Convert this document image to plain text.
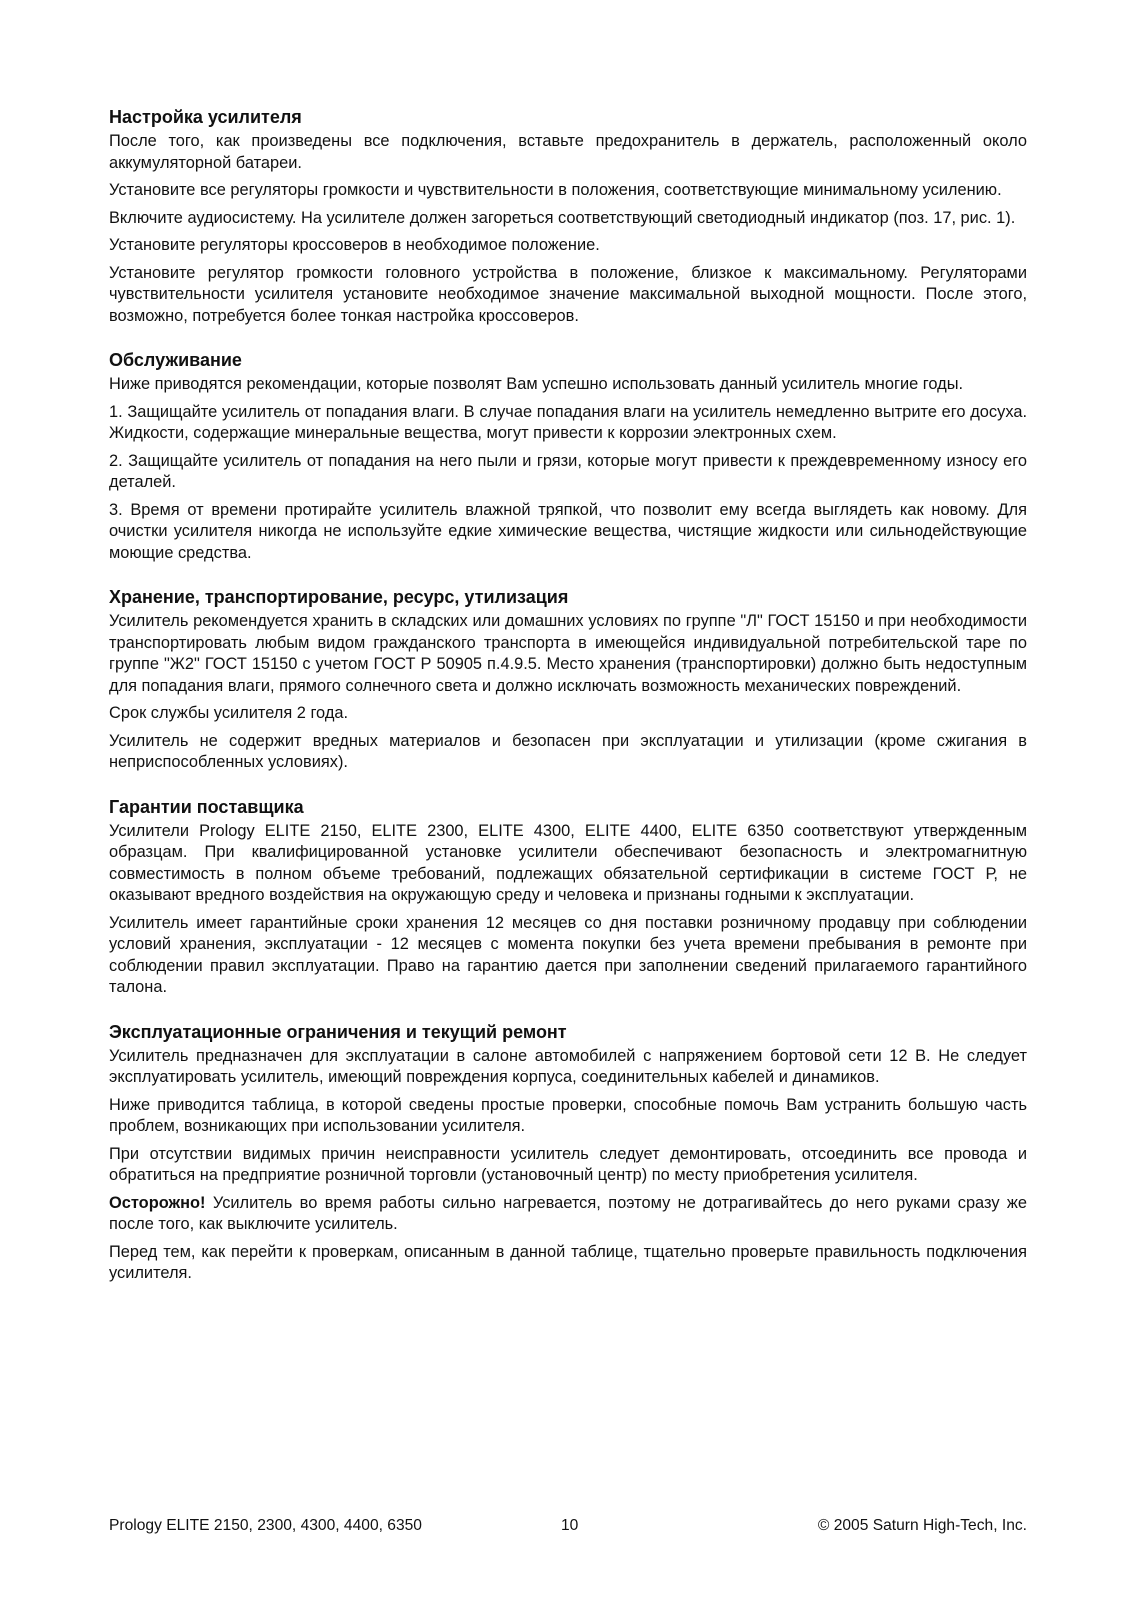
Настройка усилителя

После того, как произведены все подключения, вставьте предохранитель в держатель, расположенный около аккумуляторной батареи.

Установите все регуляторы громкости и чувствительности в положения, соответствующие минимальному усилению.

Включите аудиосистему. На усилителе должен загореться соответствующий светодиодный индикатор (поз. 17, рис. 1).

Установите регуляторы кроссоверов в необходимое положение.

Установите регулятор громкости головного устройства в положение, близкое к максимальному. Регуляторами чувствительности усилителя установите необходимое значение максимальной выходной мощности. После этого, возможно, потребуется более тонкая настройка кроссоверов.

Обслуживание

Ниже приводятся рекомендации, которые позволят Вам успешно использовать данный усилитель многие годы.

1. Защищайте усилитель от попадания влаги. В случае попадания влаги на усилитель немедленно вытрите его досуха. Жидкости, содержащие минеральные вещества, могут привести к коррозии электронных схем.

2. Защищайте усилитель от попадания на него пыли и грязи, которые могут привести к преждевременному износу его деталей.

3. Время от времени протирайте усилитель влажной тряпкой, что позволит ему всегда выглядеть как новому. Для очистки усилителя никогда не используйте едкие химические вещества, чистящие жидкости или сильнодействующие моющие средства.

Хранение, транспортирование, ресурс, утилизация

Усилитель рекомендуется хранить в складских или домашних условиях по группе "Л" ГОСТ 15150 и при необходимости транспортировать любым видом гражданского транспорта в имеющейся индивидуальной потребительской таре по группе "Ж2" ГОСТ 15150 с учетом ГОСТ Р 50905 п.4.9.5. Место хранения (транспортировки) должно быть недоступным для попадания влаги, прямого солнечного света и должно исключать возможность механических повреждений.

Срок службы усилителя 2 года.

Усилитель не содержит вредных материалов и безопасен при эксплуатации и утилизации (кроме сжигания в неприспособленных условиях).

Гарантии поставщика

Усилители Prology ELITE 2150, ELITE 2300, ELITE 4300, ELITE 4400, ELITE 6350 соответствуют утвержденным образцам. При квалифицированной установке усилители обеспечивают безопасность и электромагнитную совместимость в полном объеме требований, подлежащих обязательной сертификации в системе ГОСТ Р, не оказывают вредного воздействия на окружающую среду и человека и признаны годными к эксплуатации.

Усилитель имеет гарантийные сроки хранения 12 месяцев со дня поставки розничному продавцу при соблюдении условий хранения, эксплуатации - 12 месяцев с момента покупки без учета времени пребывания в ремонте при соблюдении правил эксплуатации. Право на гарантию дается при заполнении сведений прилагаемого гарантийного талона.

Эксплуатационные ограничения и текущий ремонт

Усилитель предназначен для эксплуатации в салоне автомобилей с напряжением бортовой сети 12 В. Не следует эксплуатировать усилитель, имеющий повреждения корпуса, соединительных кабелей и динамиков.

Ниже приводится таблица, в которой сведены простые проверки, способные помочь Вам устранить большую часть проблем, возникающих при использовании усилителя.

При отсутствии видимых причин неисправности усилитель следует демонтировать, отсоединить все провода и обратиться на предприятие розничной торговли (установочный центр) по месту приобретения усилителя.

Осторожно! Усилитель во время работы сильно нагревается, поэтому не дотрагивайтесь до него руками сразу же после того, как выключите усилитель.

Перед тем, как перейти к проверкам, описанным в данной таблице, тщательно проверьте правильность подключения усилителя.

Prology ELITE 2150, 2300, 4300, 4400, 6350	10	© 2005 Saturn High-Tech, Inc.
